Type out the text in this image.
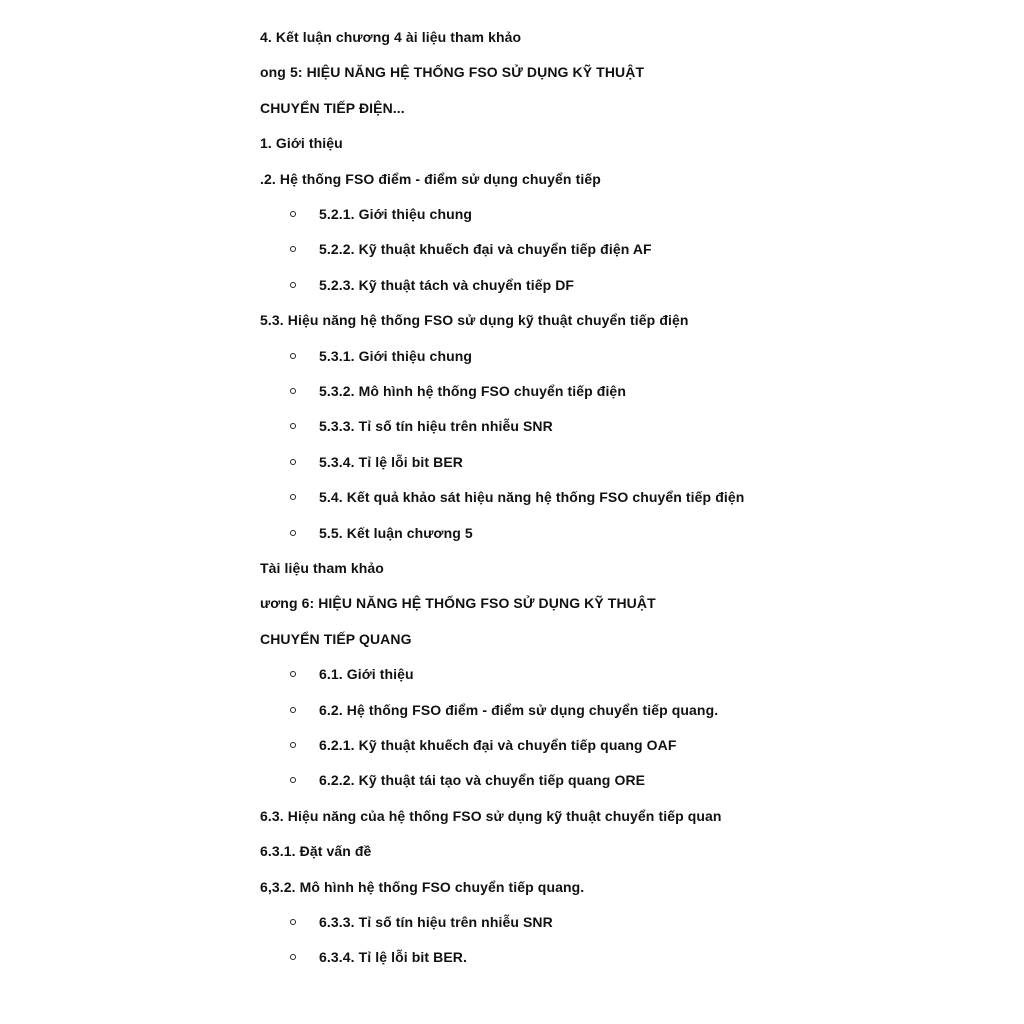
4. Kết luận chương 4 ài liệu tham khảo
ong 5: HIỆU NĂNG HỆ THỐNG FSO SỬ DỤNG KỸ THUẬT
CHUYỂN TIẾP ĐIỆN...
1. Giới thiệu
.2. Hệ thống FSO điểm - điểm sử dụng chuyển tiếp
5.2.1. Giới thiệu chung
5.2.2. Kỹ thuật khuếch đại và chuyển tiếp điện AF
5.2.3. Kỹ thuật tách và chuyển tiếp DF
5.3. Hiệu năng hệ thống FSO sử dụng kỹ thuật chuyển tiếp điện
5.3.1. Giới thiệu chung
5.3.2. Mô hình hệ thống FSO chuyển tiếp điện
5.3.3. Tỉ số tín hiệu trên nhiễu SNR
5.3.4. Tỉ lệ lỗi bit BER
5.4. Kết quả khảo sát hiệu năng hệ thống FSO chuyển tiếp điện
5.5. Kết luận chương 5
Tài liệu tham khảo
ương 6: HIỆU NĂNG HỆ THỐNG FSO SỬ DỤNG KỸ THUẬT
CHUYỂN TIẾP QUANG
6.1. Giới thiệu
6.2. Hệ thống FSO điểm - điểm sử dụng chuyển tiếp quang.
6.2.1. Kỹ thuật khuếch đại và chuyển tiếp quang OAF
6.2.2. Kỹ thuật tái tạo và chuyển tiếp quang ORE
6.3. Hiệu năng của hệ thống FSO sử dụng kỹ thuật chuyển tiếp quan
6.3.1. Đặt vấn đề
6,3.2. Mô hình hệ thống FSO chuyển tiếp quang.
6.3.3. Tỉ số tín hiệu trên nhiễu SNR
6.3.4. Tỉ lệ lỗi bit BER.
